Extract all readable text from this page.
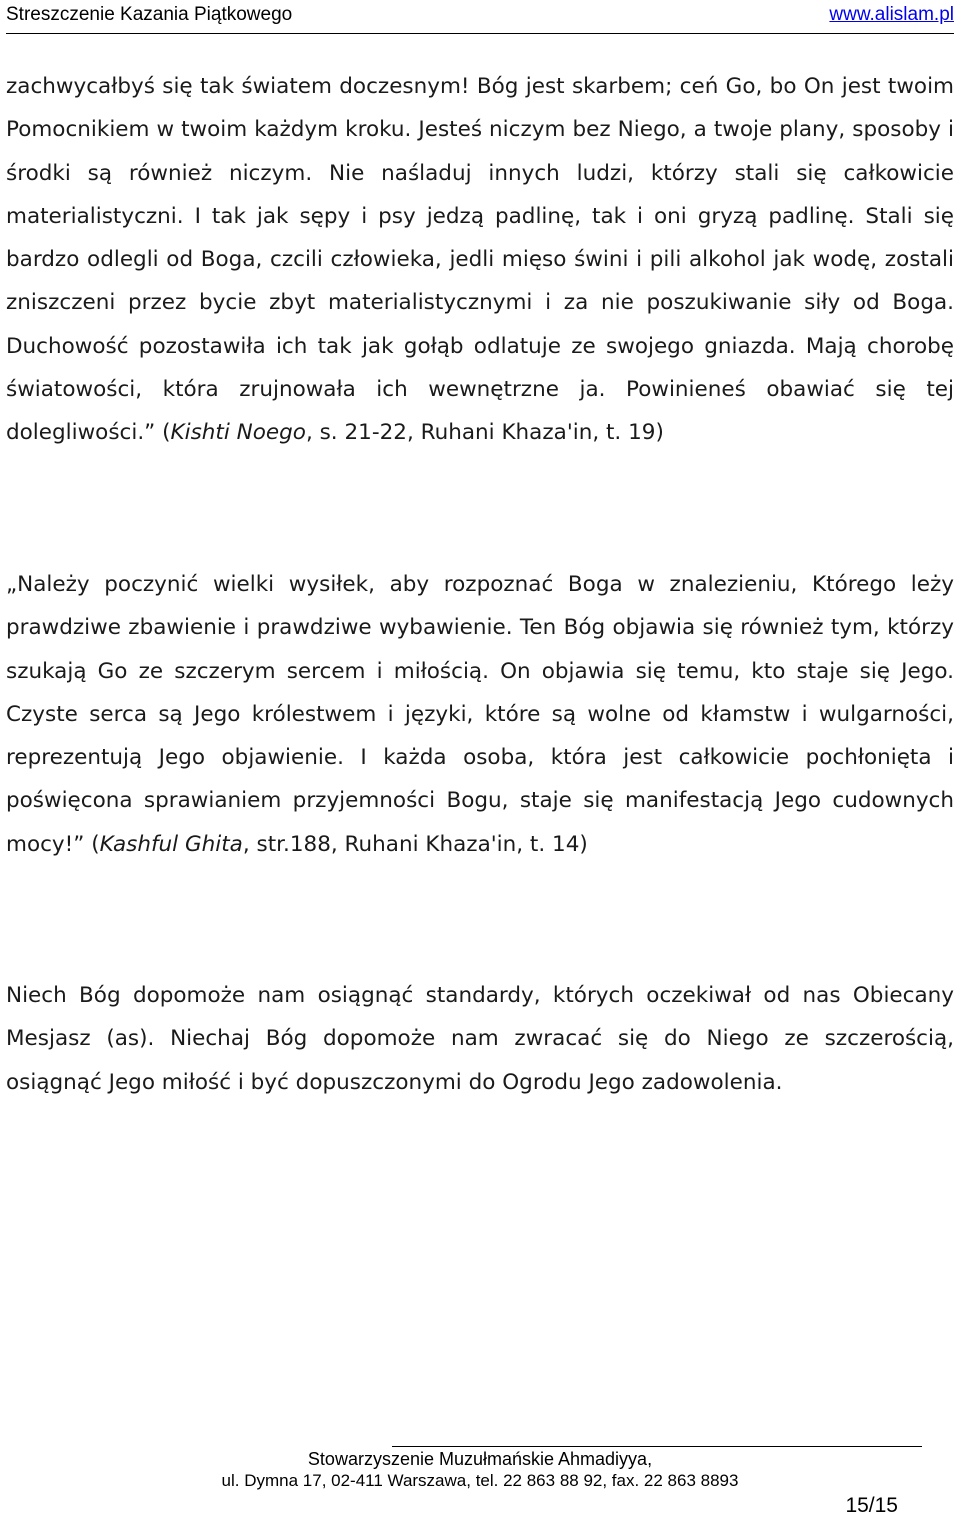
Streszczenie Kazania Piątkowego	www.alislam.pl

zachwycałbyś się tak światem doczesnym! Bóg jest skarbem; ceń Go, bo On jest twoim Pomocnikiem w twoim każdym kroku. Jesteś niczym bez Niego, a twoje plany, sposoby i środki są również niczym. Nie naśladuj innych ludzi, którzy stali się całkowicie materialistyczni. I tak jak sępy i psy jedzą padlinę, tak i oni gryzą padlinę. Stali się bardzo odlegli od Boga, czcili człowieka, jedli mięso świni i pili alkohol jak wodę, zostali zniszczeni przez bycie zbyt materialistycznymi i za nie poszukiwanie siły od Boga. Duchowość pozostawiła ich tak jak gołąb odlatuje ze swojego gniazda. Mają chorobę światowości, która zrujnowała ich wewnętrzne ja. Powinieneś obawiać się tej dolegliwości.” (Kishti Noego, s. 21-22, Ruhani Khaza'in, t. 19)

„Należy poczynić wielki wysiłek, aby rozpoznać Boga w znalezieniu, Którego leży prawdziwe zbawienie i prawdziwe wybawienie. Ten Bóg objawia się również tym, którzy szukają Go ze szczerym sercem i miłością. On objawia się temu, kto staje się Jego. Czyste serca są Jego królestwem i języki, które są wolne od kłamstw i wulgarności, reprezentują Jego objawienie. I każda osoba, która jest całkowicie pochłonięta i poświęcona sprawianiem przyjemności Bogu, staje się manifestacją Jego cudownych mocy!” (Kashful Ghita, str.188, Ruhani Khaza'in, t. 14)

Niech Bóg dopomoże nam osiągnąć standardy, których oczekiwał od nas Obiecany Mesjasz (as). Niechaj Bóg dopomoże nam zwracać się do Niego ze szczerością, osiągnąć Jego miłość i być dopuszczonymi do Ogrodu Jego zadowolenia.

Stowarzyszenie Muzułmańskie Ahmadiyya,
ul. Dymna 17, 02-411 Warszawa, tel. 22 863 88 92, fax. 22 863 8893
15/15
